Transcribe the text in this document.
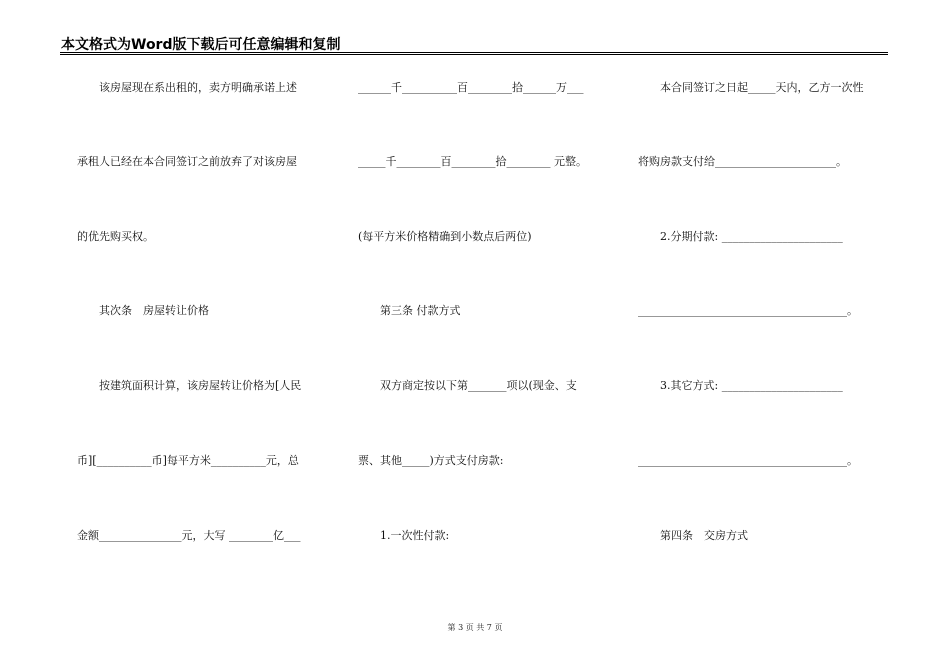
本文格式为Word版下载后可任意编辑和复制
　　该房屋现在系出租的，卖方明确承诺上述
承租人已经在本合同签订之前放弃了对该房屋
的优先购买权。
　　其次条　房屋转让价格
　　按建筑面积计算，该房屋转让价格为[人民
币][__________币]每平方米__________元，总
金额_______________元，大写 ________亿___
______千__________百________拾______万___
_____千________百________拾________ 元整。
(每平方米价格精确到小数点后两位)
　　第三条 付款方式
　　双方商定按以下第_______项以(现金、支
票、其他_____)方式支付房款:
　　1.一次性付款:
　　本合同签订之日起_____天内，乙方一次性
将购房款支付给______________________。
　　2.分期付款: ______________________
______________________________________。
　　3.其它方式: ______________________
______________________________________。
　　第四条　交房方式
第 3 页 共 7 页
